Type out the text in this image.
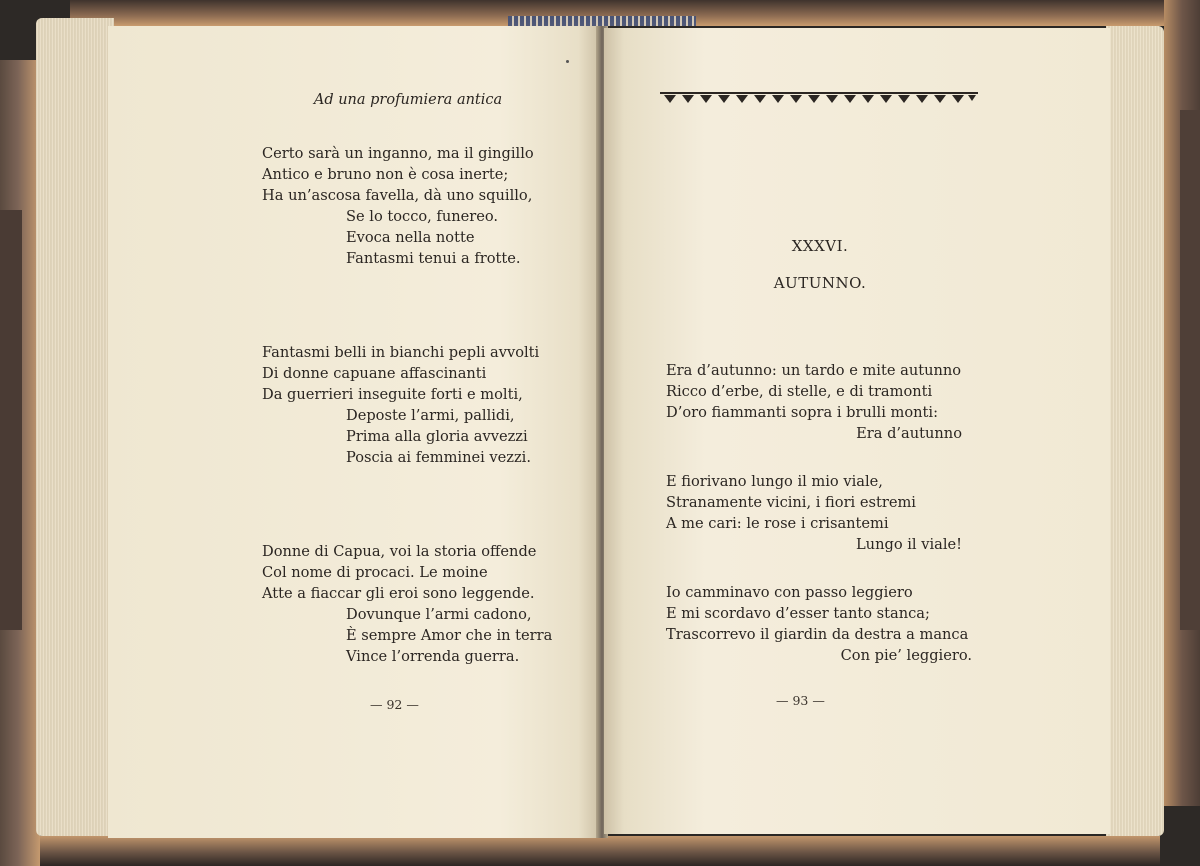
Ad una profumiera antica
Certo sarà un inganno, ma il gingillo
Antico e bruno non è cosa inerte;
Ha un’ascosa favella, dà uno squillo,
Se lo tocco, funereo.
Evoca nella notte
Fantasmi tenui a frotte.
Fantasmi belli in bianchi pepli avvolti
Di donne capuane affascinanti
Da guerrieri inseguite forti e molti,
Deposte l’armi, pallidi,
Prima alla gloria avvezzi
Poscia ai femminei vezzi.
Donne di Capua, voi la storia offende
Col nome di procaci. Le moine
Atte a fiaccar gli eroi sono leggende.
Dovunque l’armi cadono,
È sempre Amor che in terra
Vince l’orrenda guerra.
— 92 —
XXXVI.
AUTUNNO.
Era d’autunno: un tardo e mite autunno
Ricco d’erbe, di stelle, e di tramonti
D’oro fiammanti sopra i brulli monti:
Era d’autunno
E fiorivano lungo il mio viale,
Stranamente vicini, i fiori estremi
A me cari: le rose i crisantemi
Lungo il viale!
Io camminavo con passo leggiero
E mi scordavo d’esser tanto stanca;
Trascorrevo il giardin da destra a manca
Con pie’ leggiero.
— 93 —
